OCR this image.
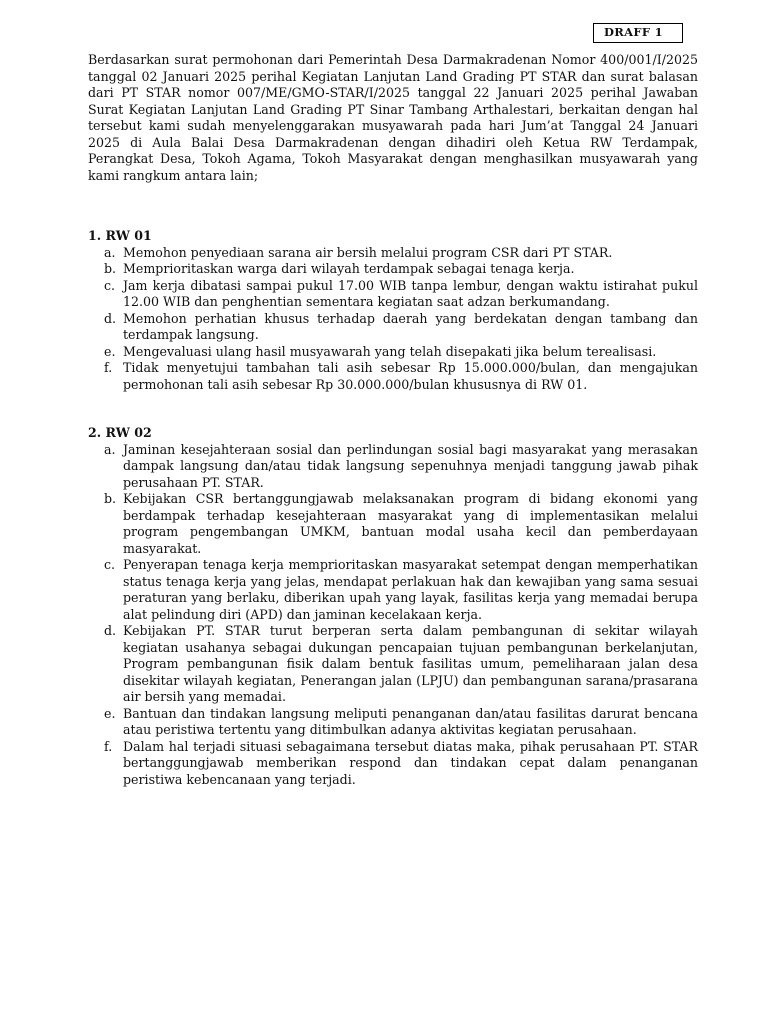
DRAFF 1

Berdasarkan surat permohonan dari Pemerintah Desa Darmakradenan Nomor 400/001/I/2025 tanggal 02 Januari 2025 perihal Kegiatan Lanjutan Land Grading PT STAR dan surat balasan dari PT STAR nomor 007/ME/GMO-STAR/I/2025 tanggal 22 Januari 2025 perihal Jawaban Surat Kegiatan Lanjutan Land Grading PT Sinar Tambang Arthalestari, berkaitan dengan hal tersebut kami sudah menyelenggarakan musyawarah pada hari Jum’at Tanggal 24 Januari 2025 di Aula Balai Desa Darmakradenan dengan dihadiri oleh Ketua RW Terdampak, Perangkat Desa, Tokoh Agama, Tokoh Masyarakat dengan menghasilkan musyawarah yang kami rangkum antara lain;

1. RW 01
a. Memohon penyediaan sarana air bersih melalui program CSR dari PT STAR.
b. Memprioritaskan warga dari wilayah terdampak sebagai tenaga kerja.
c. Jam kerja dibatasi sampai pukul 17.00 WIB tanpa lembur, dengan waktu istirahat pukul 12.00 WIB dan penghentian sementara kegiatan saat adzan berkumandang.
d. Memohon perhatian khusus terhadap daerah yang berdekatan dengan tambang dan terdampak langsung.
e. Mengevaluasi ulang hasil musyawarah yang telah disepakati jika belum terealisasi.
f. Tidak menyetujui tambahan tali asih sebesar Rp 15.000.000/bulan, dan mengajukan permohonan tali asih sebesar Rp 30.000.000/bulan khususnya di RW 01.
2. RW 02
a. Jaminan kesejahteraan sosial dan perlindungan sosial bagi masyarakat yang merasakan dampak langsung dan/atau tidak langsung sepenuhnya menjadi tanggung jawab pihak perusahaan PT. STAR.
b. Kebijakan CSR bertanggungjawab melaksanakan program di bidang ekonomi yang berdampak terhadap kesejahteraan masyarakat yang di implementasikan melalui program pengembangan UMKM, bantuan modal usaha kecil dan pemberdayaan masyarakat.
c. Penyerapan tenaga kerja memprioritaskan masyarakat setempat dengan memperhatikan status tenaga kerja yang jelas, mendapat perlakuan hak dan kewajiban yang sama sesuai peraturan yang berlaku, diberikan upah yang layak, fasilitas kerja yang memadai berupa alat pelindung diri (APD) dan jaminan kecelakaan kerja.
d. Kebijakan PT. STAR turut berperan serta dalam pembangunan di sekitar wilayah kegiatan usahanya sebagai dukungan pencapaian tujuan pembangunan berkelanjutan, Program pembangunan fisik dalam bentuk fasilitas umum, pemeliharaan jalan desa disekitar wilayah kegiatan, Penerangan jalan (LPJU) dan pembangunan sarana/prasarana air bersih yang memadai.
e. Bantuan dan tindakan langsung meliputi penanganan dan/atau fasilitas darurat bencana atau peristiwa tertentu yang ditimbulkan adanya aktivitas kegiatan perusahaan.
f. Dalam hal terjadi situasi sebagaimana tersebut diatas maka, pihak perusahaan PT. STAR bertanggungjawab memberikan respond dan tindakan cepat dalam penanganan peristiwa kebencanaan yang terjadi.
